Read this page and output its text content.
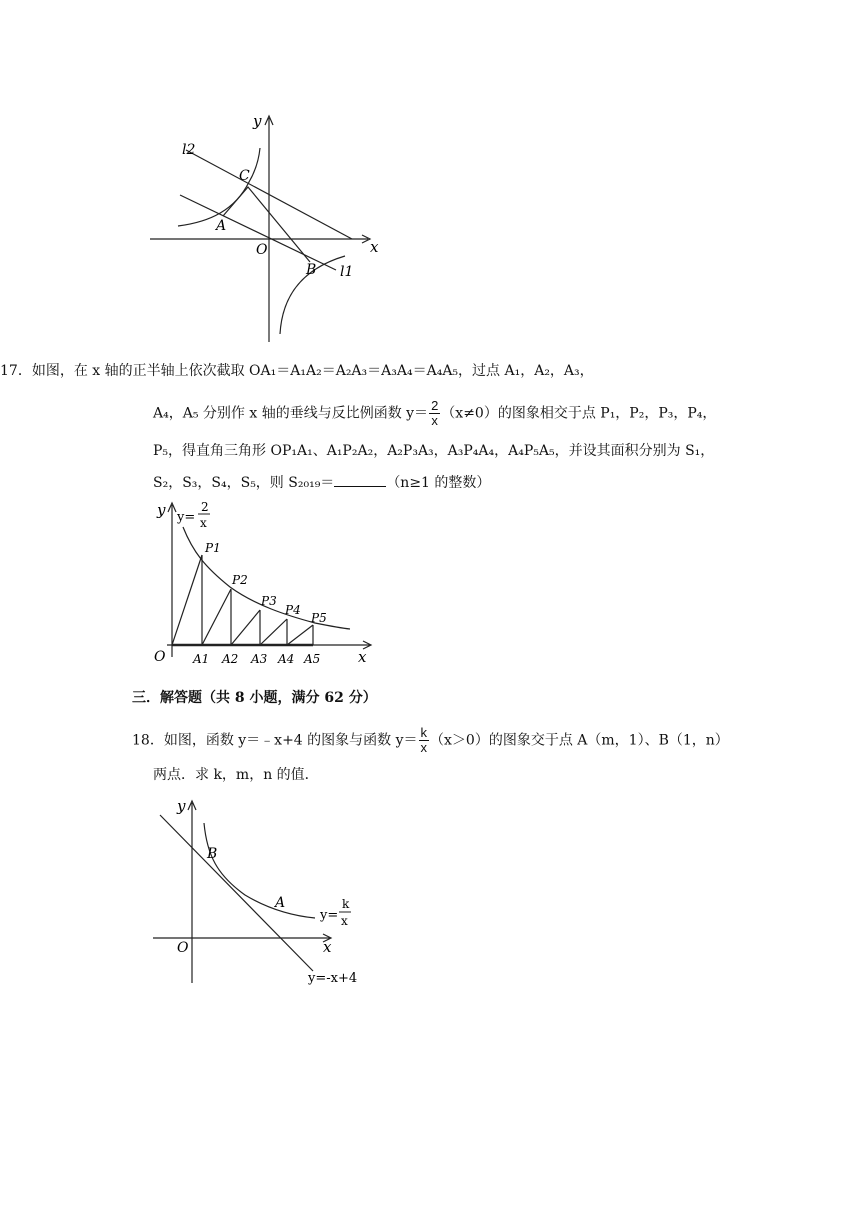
y
l2
C
A
O	x
B l1
17．如图，在 x 轴的正半轴上依次截取 OA₁＝A₁A₂＝A₂A₃＝A₃A₄＝A₄A₅，过点 A₁，A₂，A₃，
A₄，A₅ 分别作 x 轴的垂线与反比例函数 $y= \frac{2}{x} (x\ne 0)$的图象相交于点 P₁，P₂，P₃，P₄，
P₅，得直角三角形 OP₁A₁、A₁P₂A₂，A₂P₃A₃，A₃P₄A₄，A₄P₅A₅，并设其面积分别为 S₁，
S₂，S₃，S₄，S₅，则 S₂₀₁₉＝	（n≥1 的整数）
y y=
2
x
P1
P2
P3
P4
P5
O A1 A2 A3 A4 A5	x
三．解答题（共 8 小题，满分 62 分）
18．如图，函数 y＝﹣x+4 的图象与函数 $y= \frac{k}{x} (x>0)$的图象交于点 A（m，1）、B（1，n）
两点．求 k，m，n 的值．
y
B
A
y=
k
x
O	x
y=-x+4
